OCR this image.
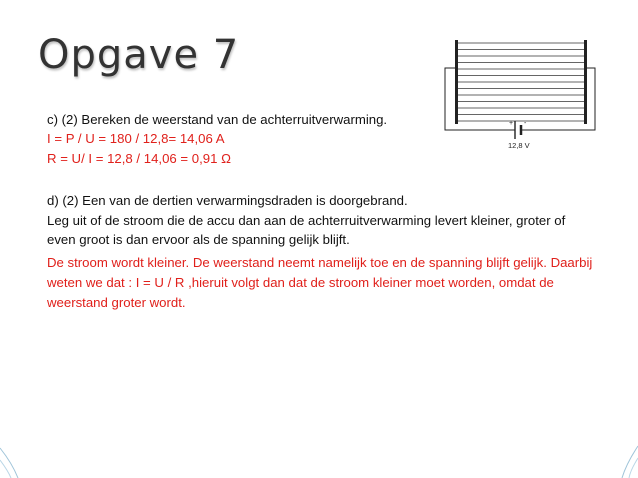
Opgave 7
+ -
12,8 V
c) (2) Bereken de weerstand van de achterruitverwarming.
I = P / U = 180 / 12,8= 14,06 A
R = U/ I = 12,8 / 14,06 = 0,91 Ω
d) (2) Een van de dertien verwarmingsdraden is doorgebrand.
Leg uit of de stroom die de accu dan aan de achterruitverwarming levert kleiner, groter of
even groot is dan ervoor als de spanning gelijk blijft.
De stroom wordt kleiner. De weerstand neemt namelijk toe en de spanning blijft gelijk. Daarbij
weten we dat : I = U / R ,hieruit volgt dan dat de stroom kleiner moet worden, omdat de
weerstand groter wordt.
